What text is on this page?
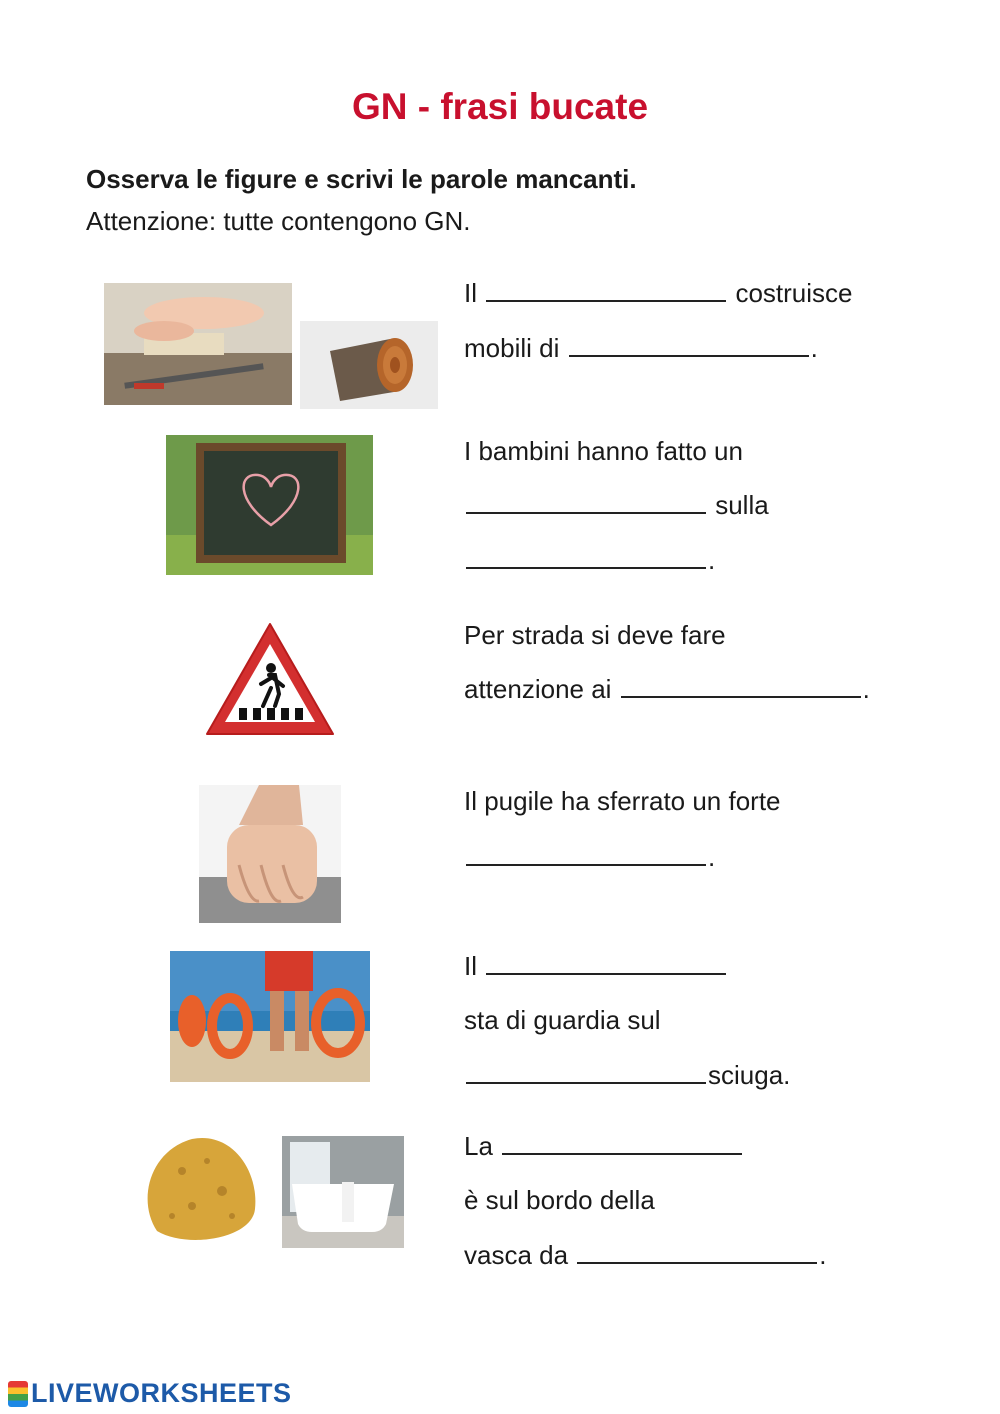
GN - frasi bucate
Osserva le figure e scrivi le parole mancanti.
Attenzione: tutte contengono GN.
Il	costruisce
mobili di	.
I bambini hanno fatto un
sulla
.
Per strada si deve fare
attenzione ai	.
Il pugile ha sferrato un forte
.
Il
sta di guardia sul
sciuga.
La
è sul bordo della
vasca da	.
LIVEWORKSHEETS
